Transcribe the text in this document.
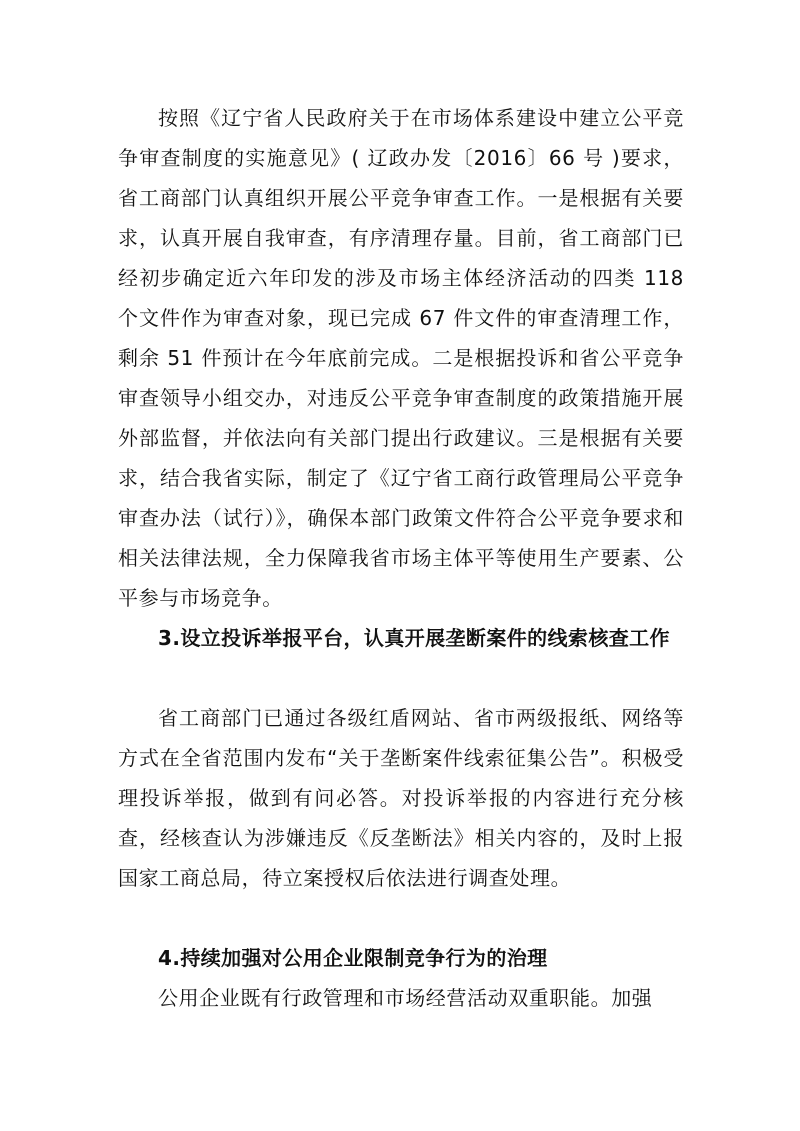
按照《辽宁省人民政府关于在市场体系建设中建立公平竞争审查制度的实施意见》( 辽政办发〔2016〕66 号 )要求，省工商部门认真组织开展公平竞争审查工作。一是根据有关要求，认真开展自我审查，有序清理存量。目前，省工商部门已经初步确定近六年印发的涉及市场主体经济活动的四类 118 个文件作为审查对象，现已完成 67 件文件的审查清理工作，剩余 51 件预计在今年底前完成。二是根据投诉和省公平竞争审查领导小组交办，对违反公平竞争审查制度的政策措施开展外部监督，并依法向有关部门提出行政建议。三是根据有关要求，结合我省实际，制定了《辽宁省工商行政管理局公平竞争审查办法（试行）》，确保本部门政策文件符合公平竞争要求和相关法律法规，全力保障我省市场主体平等使用生产要素、公平参与市场竞争。

3.设立投诉举报平台，认真开展垄断案件的线索核查工作

省工商部门已通过各级红盾网站、省市两级报纸、网络等方式在全省范围内发布“关于垄断案件线索征集公告”。积极受理投诉举报，做到有问必答。对投诉举报的内容进行充分核查，经核查认为涉嫌违反《反垄断法》相关内容的，及时上报国家工商总局，待立案授权后依法进行调查处理。

4.持续加强对公用企业限制竞争行为的治理

公用企业既有行政管理和市场经营活动双重职能。加强
